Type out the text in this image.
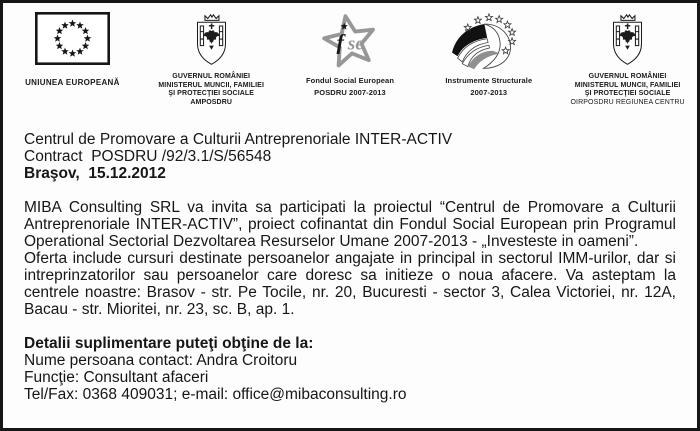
UNIUNEA EUROPEANĂ
GUVERNUL ROMÂNIEI
MINISTERUL MUNCII, FAMILIEI
ŞI PROTECŢIEI SOCIALE
AMPOSDRU
f se
Fondul Social European
POSDRU 2007-2013
Instrumente Structurale
2007-2013
GUVERNUL ROMÂNIEI
MINISTERUL MUNCII, FAMILIEI
ŞI PROTECŢIEI SOCIALE
OIRPOSDRU REGIUNEA CENTRU
Centrul de Promovare a Culturii Antreprenoriale INTER-ACTIV
Contract  POSDRU /92/3.1/S/56548
Braşov,  15.12.2012

MIBA Consulting SRL va invita sa participati la proiectul “Centrul de Promovare a Culturii Antreprenoriale INTER-ACTIV”, proiect cofinantat din Fondul Social European prin Programul Operational Sectorial Dezvoltarea Resurselor Umane 2007-2013 - „Investeste in oameni”.

Oferta include cursuri destinate persoanelor angajate in principal in sectorul IMM-urilor, dar si intreprinzatorilor sau persoanelor care doresc sa initieze o noua afacere. Va asteptam la centrele noastre: Brasov - str. Pe Tocile, nr. 20, Bucuresti - sector 3, Calea Victoriei, nr. 12A, Bacau - str. Mioritei, nr. 23, sc. B, ap. 1.

Detalii suplimentare puteţi obţine de la:
Nume persoana contact: Andra Croitoru
Funcţie: Consultant afaceri
Tel/Fax: 0368 409031; e-mail: office@mibaconsulting.ro
